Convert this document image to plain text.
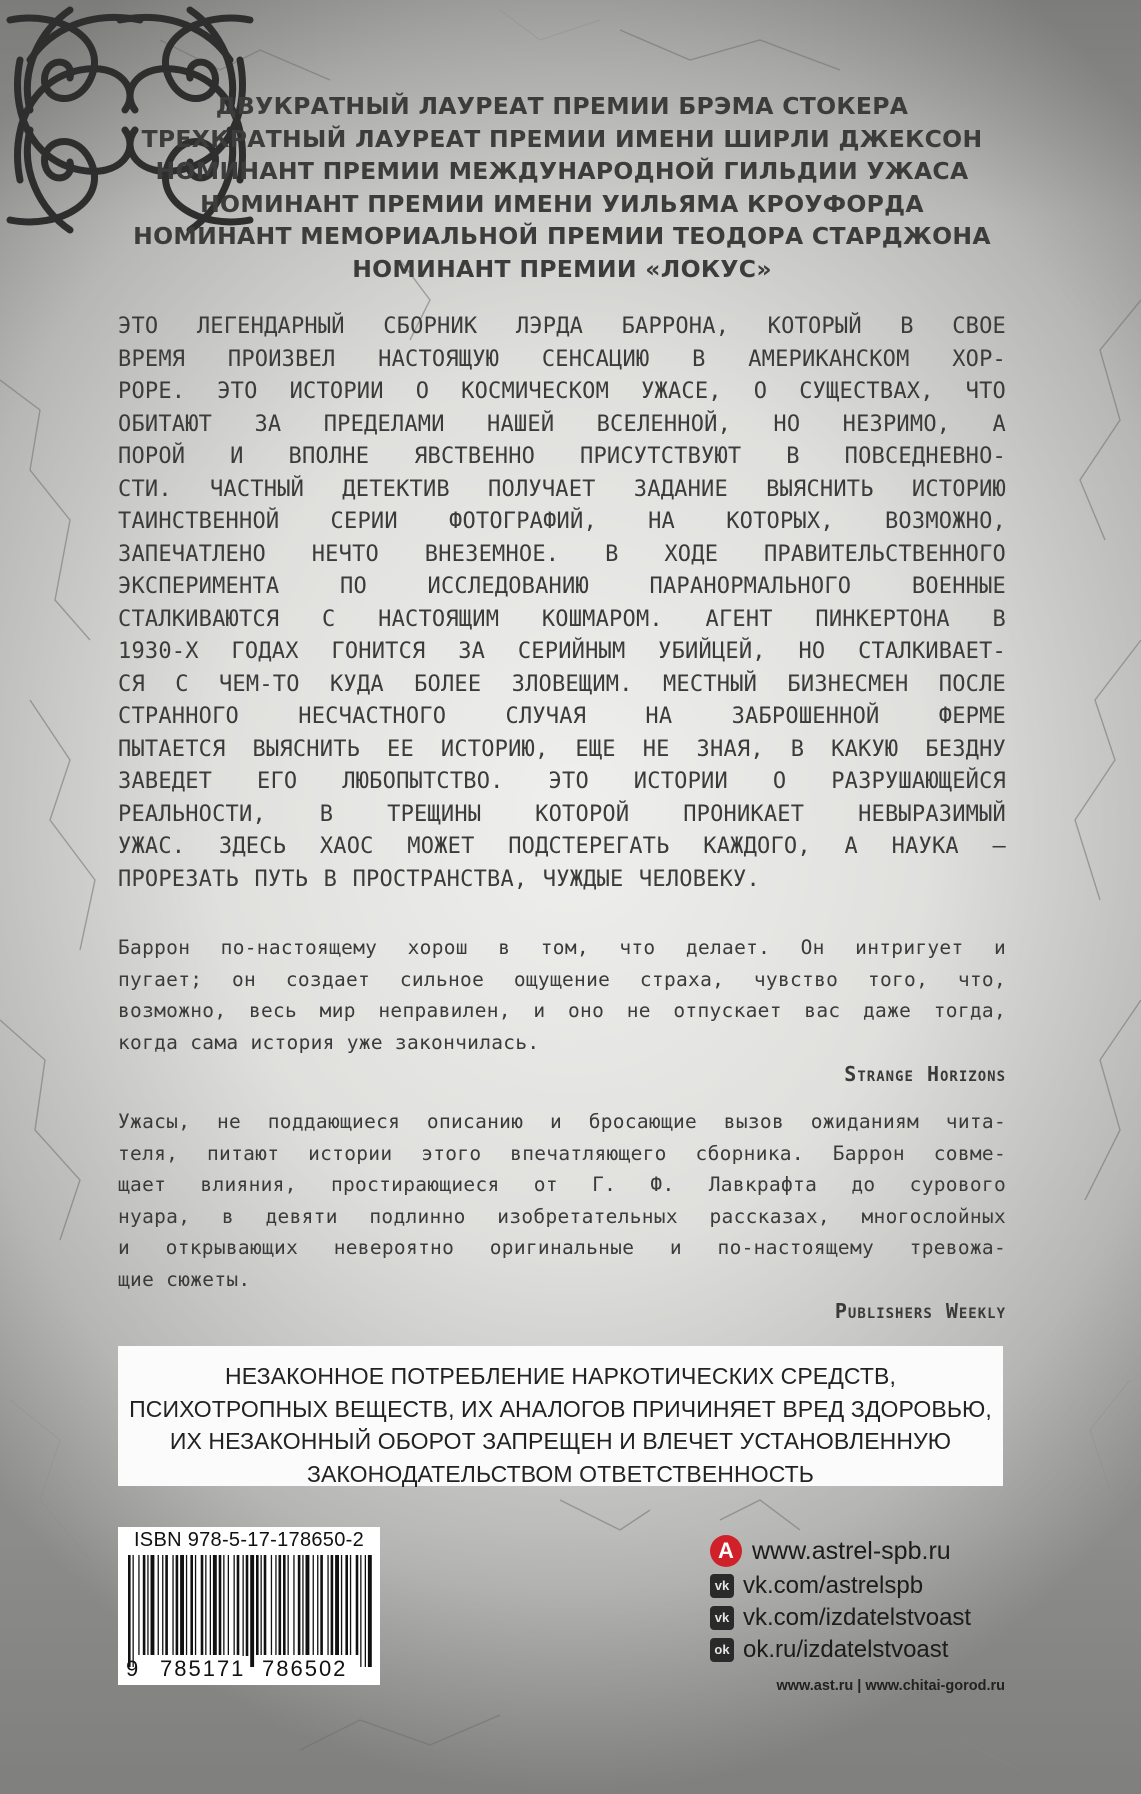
ДВУКРАТНЫЙ ЛАУРЕАТ ПРЕМИИ БРЭМА СТОКЕРА
ТРЕХКРАТНЫЙ ЛАУРЕАТ ПРЕМИИ ИМЕНИ ШИРЛИ ДЖЕКСОН
НОМИНАНТ ПРЕМИИ МЕЖДУНАРОДНОЙ ГИЛЬДИИ УЖАСА
НОМИНАНТ ПРЕМИИ ИМЕНИ УИЛЬЯМА КРОУФОРДА
НОМИНАНТ МЕМОРИАЛЬНОЙ ПРЕМИИ ТЕОДОРА СТАРДЖОНА
НОМИНАНТ ПРЕМИИ «ЛОКУС»
ЭТО ЛЕГЕНДАРНЫЙ СБОРНИК ЛЭРДА БАРРОНА, КОТОРЫЙ В СВОЕ
ВРЕМЯ ПРОИЗВЕЛ НАСТОЯЩУЮ СЕНСАЦИЮ В АМЕРИКАНСКОМ ХОР-
РОРЕ. ЭТО ИСТОРИИ О КОСМИЧЕСКОМ УЖАСЕ, О СУЩЕСТВАХ, ЧТО
ОБИТАЮТ ЗА ПРЕДЕЛАМИ НАШЕЙ ВСЕЛЕННОЙ, НО НЕЗРИМО, А
ПОРОЙ И ВПОЛНЕ ЯВСТВЕННО ПРИСУТСТВУЮТ В ПОВСЕДНЕВНО-
СТИ. ЧАСТНЫЙ ДЕТЕКТИВ ПОЛУЧАЕТ ЗАДАНИЕ ВЫЯСНИТЬ ИСТОРИЮ
ТАИНСТВЕННОЙ СЕРИИ ФОТОГРАФИЙ, НА КОТОРЫХ, ВОЗМОЖНО,
ЗАПЕЧАТЛЕНО НЕЧТО ВНЕЗЕМНОЕ. В ХОДЕ ПРАВИТЕЛЬСТВЕННОГО
ЭКСПЕРИМЕНТА ПО ИССЛЕДОВАНИЮ ПАРАНОРМАЛЬНОГО ВОЕННЫЕ
СТАЛКИВАЮТСЯ С НАСТОЯЩИМ КОШМАРОМ. АГЕНТ ПИНКЕРТОНА В
1930-Х ГОДАХ ГОНИТСЯ ЗА СЕРИЙНЫМ УБИЙЦЕЙ, НО СТАЛКИВАЕТ-
СЯ С ЧЕМ-ТО КУДА БОЛЕЕ ЗЛОВЕЩИМ. МЕСТНЫЙ БИЗНЕСМЕН ПОСЛЕ
СТРАННОГО НЕСЧАСТНОГО СЛУЧАЯ НА ЗАБРОШЕННОЙ ФЕРМЕ
ПЫТАЕТСЯ ВЫЯСНИТЬ ЕЕ ИСТОРИЮ, ЕЩЕ НЕ ЗНАЯ, В КАКУЮ БЕЗДНУ
ЗАВЕДЕТ ЕГО ЛЮБОПЫТСТВО. ЭТО ИСТОРИИ О РАЗРУШАЮЩЕЙСЯ
РЕАЛЬНОСТИ, В ТРЕЩИНЫ КОТОРОЙ ПРОНИКАЕТ НЕВЫРАЗИМЫЙ
УЖАС. ЗДЕСЬ ХАОС МОЖЕТ ПОДСТЕРЕГАТЬ КАЖДОГО, А НАУКА —
ПРОРЕЗАТЬ ПУТЬ В ПРОСТРАНСТВА, ЧУЖДЫЕ ЧЕЛОВЕКУ.
Баррон по-настоящему хорош в том, что делает. Он интригует и
пугает; он создает сильное ощущение страха, чувство того, что,
возможно, весь мир неправилен, и оно не отпускает вас даже тогда,
когда сама история уже закончилась.
Strange Horizons
Ужасы, не поддающиеся описанию и бросающие вызов ожиданиям чита-
теля, питают истории этого впечатляющего сборника. Баррон совме-
щает влияния, простирающиеся от Г. Ф. Лавкрафта до сурового
нуара, в девяти подлинно изобретательных рассказах, многослойных
и открывающих невероятно оригинальные и по-настоящему тревожа-
щие сюжеты.
Publishers Weekly
НЕЗАКОННОЕ ПОТРЕБЛЕНИЕ НАРКОТИЧЕСКИХ СРЕДСТВ,
ПСИХОТРОПНЫХ ВЕЩЕСТВ, ИХ АНАЛОГОВ ПРИЧИНЯЕТ ВРЕД ЗДОРОВЬЮ,
ИХ НЕЗАКОННЫЙ ОБОРОТ ЗАПРЕЩЕН И ВЛЕЧЕТ УСТАНОВЛЕННУЮ
ЗАКОНОДАТЕЛЬСТВОМ ОТВЕТСТВЕННОСТЬ
ISBN 978-5-17-178650-2
9 785171 786502
A www.astrel-spb.ru
vk vk.com/astrelspb
vk vk.com/izdatelstvoast
ok ok.ru/izdatelstvoast
www.ast.ru | www.chitai-gorod.ru
